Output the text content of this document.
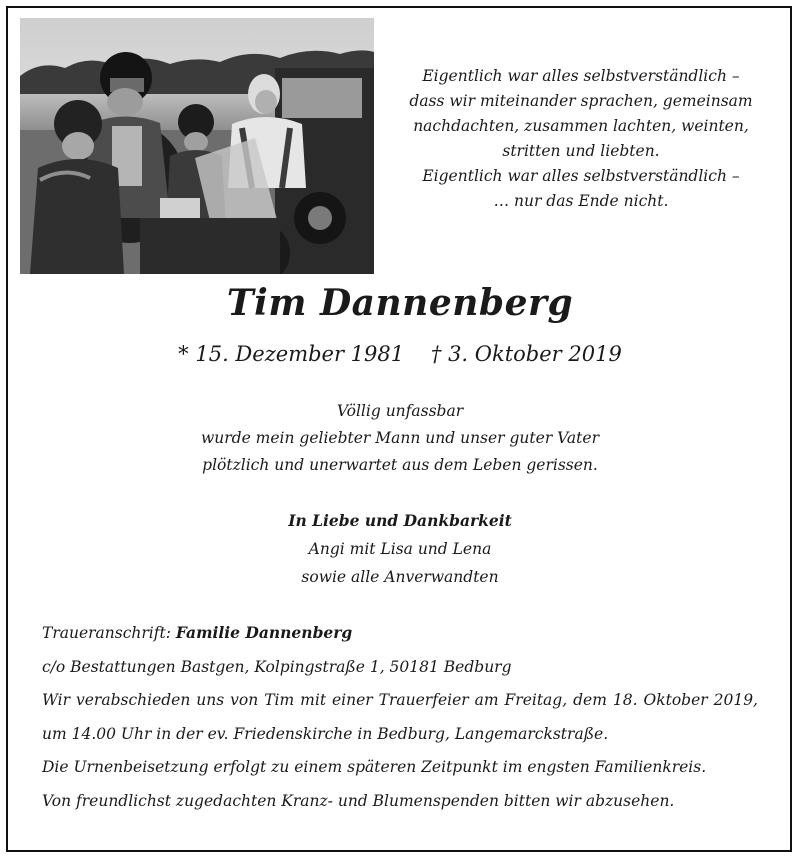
Eigentlich war alles selbstverständlich –
dass wir miteinander sprachen, gemeinsam
nachdachten, zusammen lachten, weinten,
stritten und liebten.
Eigentlich war alles selbstverständlich –
… nur das Ende nicht.
Tim Dannenberg
* 15. Dezember 1981 † 3. Oktober 2019
Völlig unfassbar
wurde mein geliebter Mann und unser guter Vater
plötzlich und unerwartet aus dem Leben gerissen.
In Liebe und Dankbarkeit
Angi mit Lisa und Lena
sowie alle Anverwandten
Traueranschrift: Familie Dannenberg
c/o Bestattungen Bastgen, Kolpingstraße 1, 50181 Bedburg
Wir verabschieden uns von Tim mit einer Trauerfeier am Freitag, dem 18. Oktober 2019, um 14.00 Uhr in der ev. Friedenskirche in Bedburg, Langemarckstraße.
Die Urnenbeisetzung erfolgt zu einem späteren Zeitpunkt im engsten Familienkreis.
Von freundlichst zugedachten Kranz- und Blumenspenden bitten wir abzusehen.
